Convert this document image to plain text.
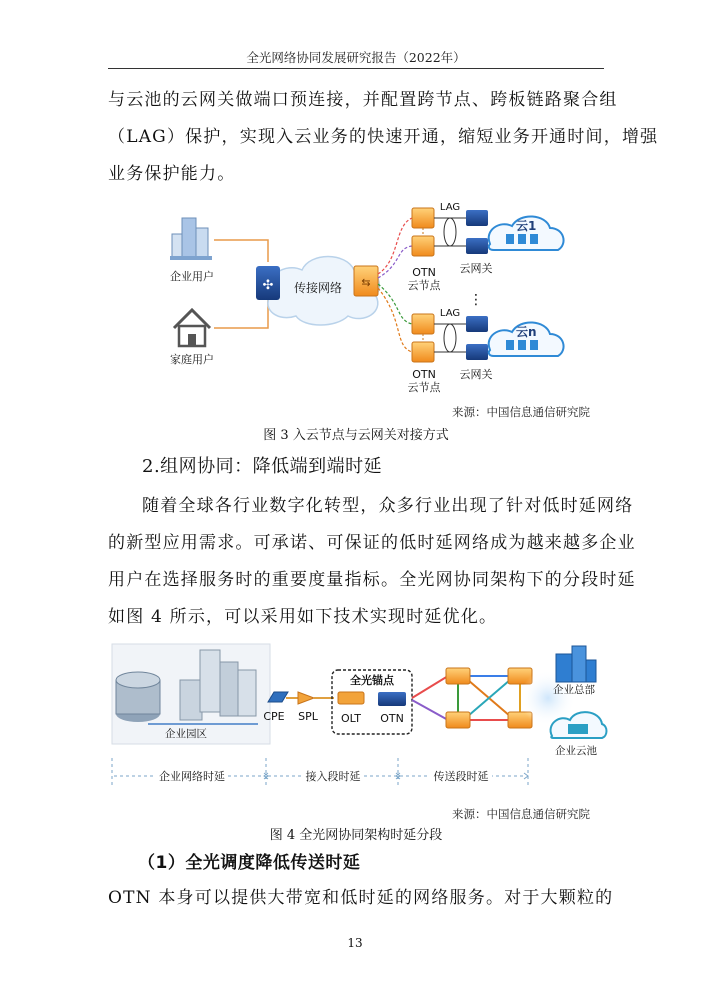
全光网络协同发展研究报告（2022年）
与云池的云网关做端口预连接，并配置跨节点、跨板链路聚合组
（LAG）保护，实现入云业务的快速开通，缩短业务开通时间，增强
业务保护能力。
企业用户
家庭用户
传接网络
✣	⇆
OTN
云节点
LAG
云网关
云1
⋮
OTN
云节点
LAG
云网关
云n
来源：中国信息通信研究院
图 3 入云节点与云网关对接方式
2.组网协同：降低端到端时延
随着全球各行业数字化转型，众多行业出现了针对低时延网络
的新型应用需求。可承诺、可保证的低时延网络成为越来越多企业
用户在选择服务时的重要度量指标。全光网协同架构下的分段时延
如图 4 所示，可以采用如下技术实现时延优化。
企业园区
CPE SPL
全光锚点
OLT OTN
企业总部
企业云池
企业网络时延	接入段时延	传送段时延
来源：中国信息通信研究院
图 4 全光网协同架构时延分段
（1）全光调度降低传送时延
OTN 本身可以提供大带宽和低时延的网络服务。对于大颗粒的
13
